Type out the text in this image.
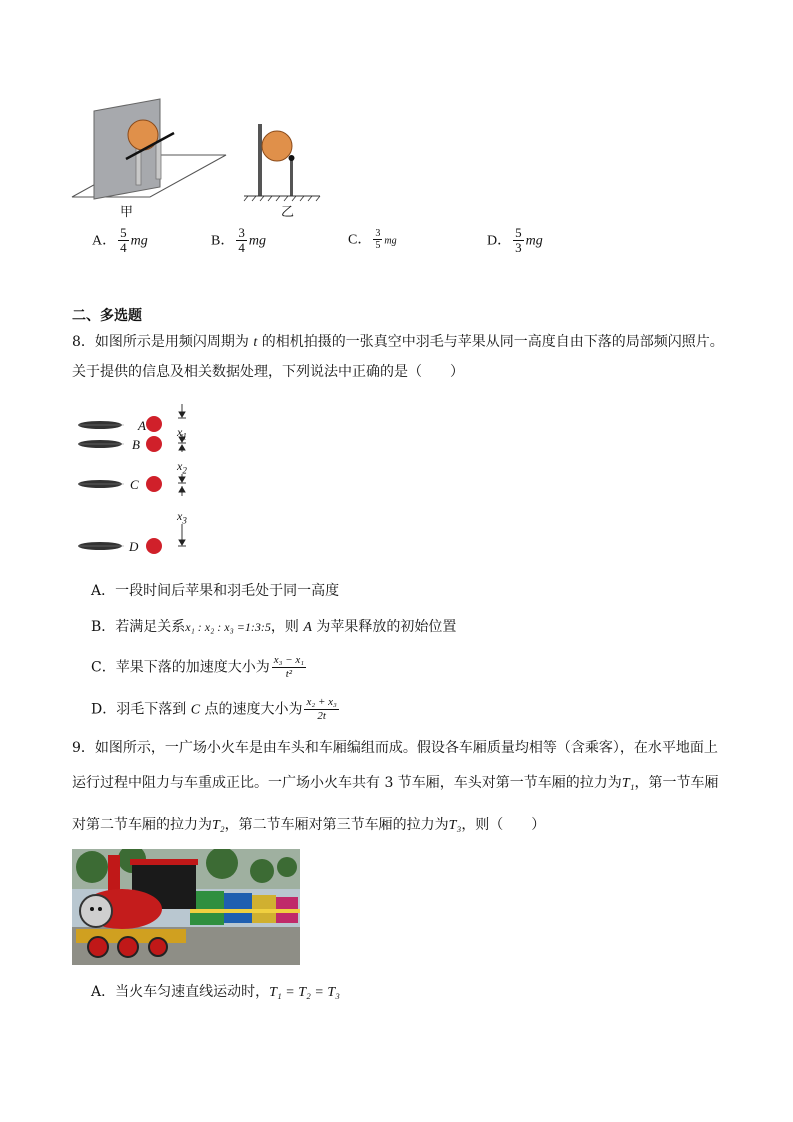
甲	乙
A． $\frac{5}{4}$ mg	B． $\frac{3}{4}$ mg	C． $\frac{3}{5}$ mg	D． $\frac{5}{3}$ mg
二、多选题
8．如图所示是用频闪周期为 t 的相机拍摄的一张真空中羽毛与苹果从同一高度自由下落的局部频闪照片。
关于提供的信息及相关数据处理，下列说法中正确的是（　　）
A
B
C
D
$x_1$
$x_2$
$x_3$
A．一段时间后苹果和羽毛处于同一高度
B．若满足关系x₁ : x₂ : x₃ =1:3:5，则 A 为苹果释放的初始位置
C．苹果下落的加速度大小为 $\frac{\text{x₃ − x₁}}{\text{t²}}$
D．羽毛下落到 C 点的速度大小为 $\frac{\text{x₂ + x₃}}{2t}$
9．如图所示，一广场小火车是由车头和车厢编组而成。假设各车厢质量均相等（含乘客），在水平地面上
运行过程中阻力与车重成正比。一广场小火车共有 3 节车厢，车头对第一节车厢的拉力为T₁，第一节车厢
对第二节车厢的拉力为T₂，第二节车厢对第三节车厢的拉力为T₃，则（　　）
A．当火车匀速直线运动时，T₁ = T₂ = T₃
